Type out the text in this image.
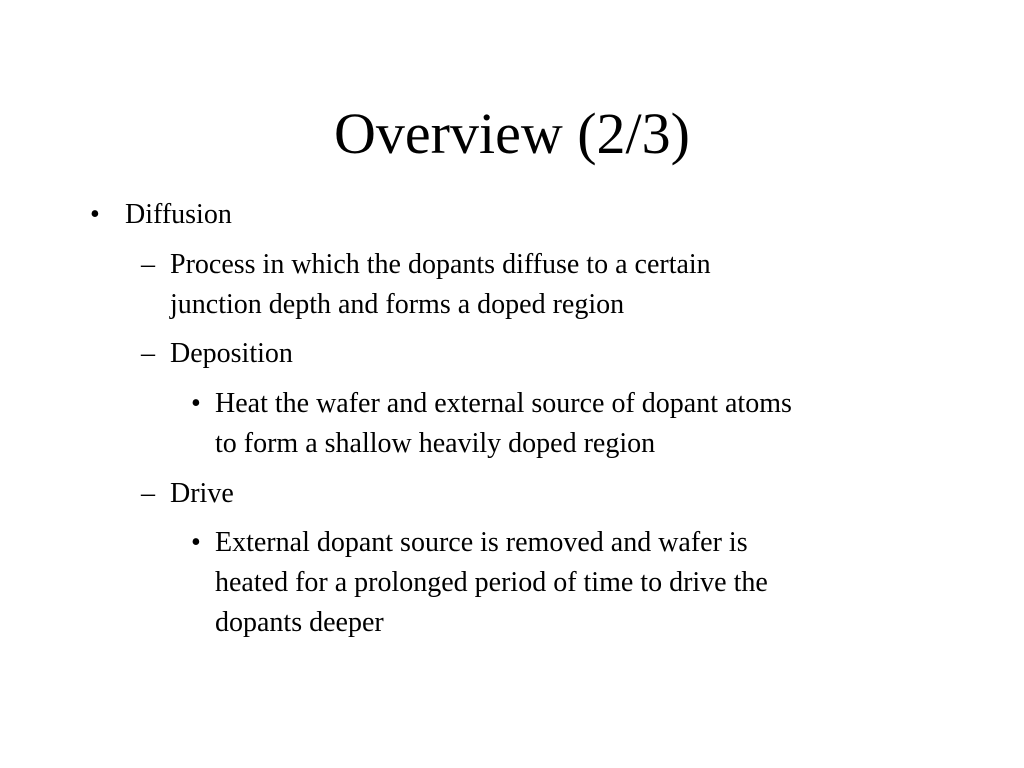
Overview (2/3)
• Diffusion
– Process in which the dopants diffuse to a certain
junction depth and forms a doped region
– Deposition
• Heat the wafer and external source of dopant atoms
to form a shallow heavily doped region
– Drive
• External dopant source is removed and wafer is
heated for a prolonged period of time to drive the
dopants deeper
